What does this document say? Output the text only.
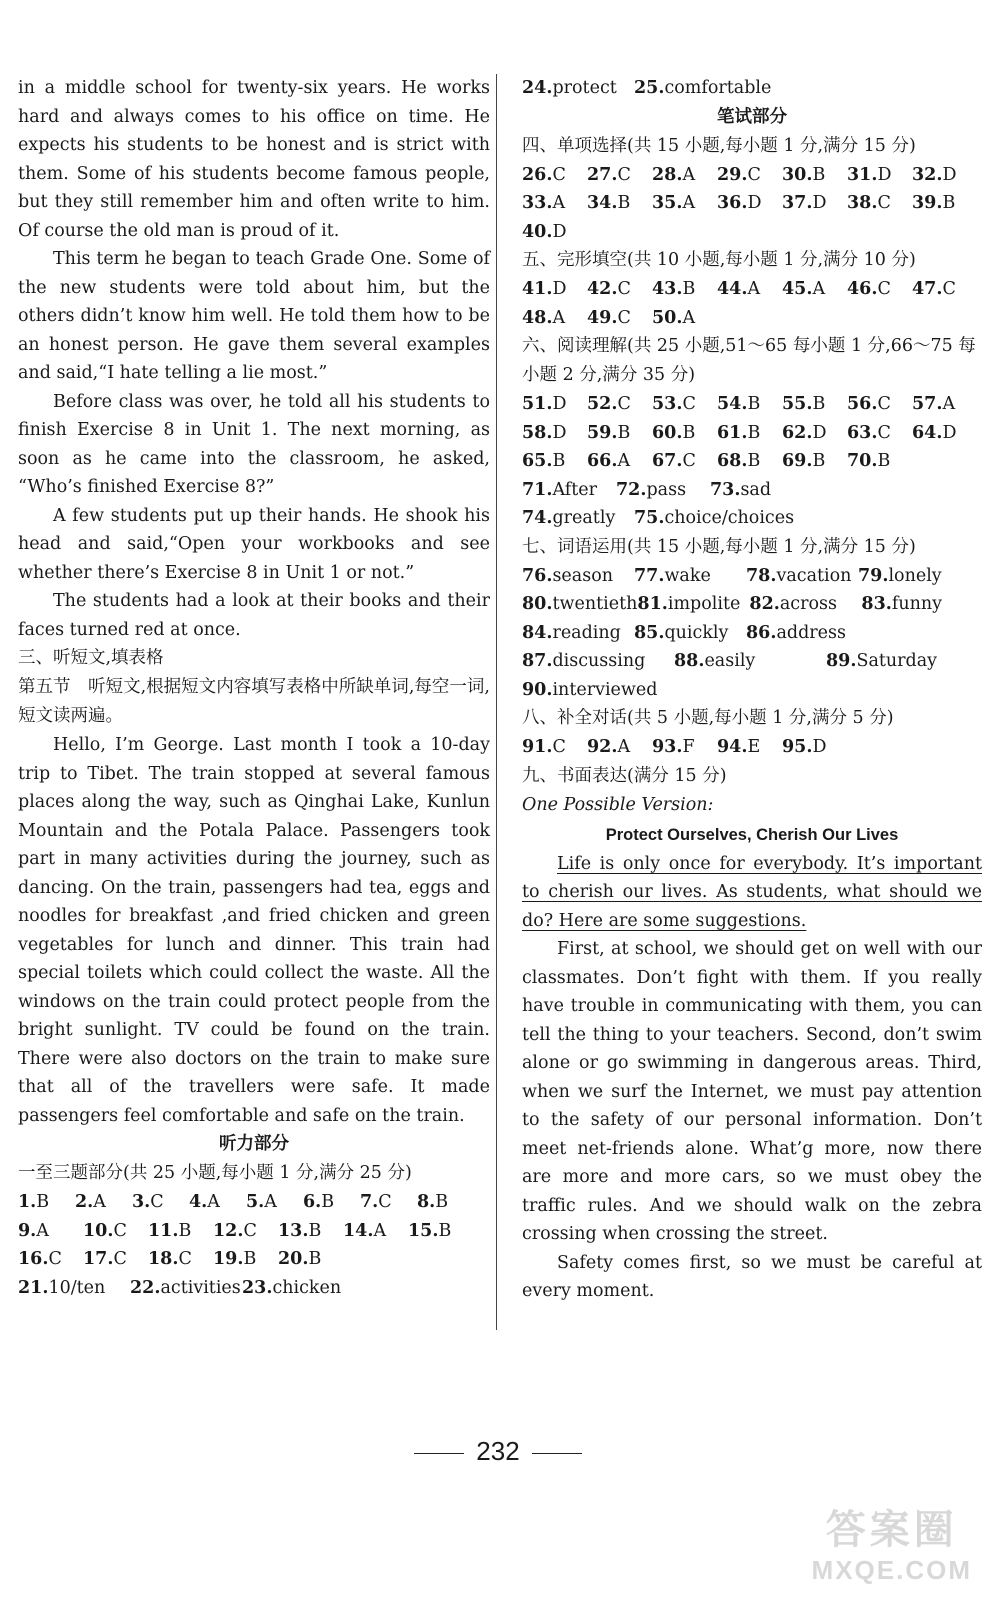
in a middle school for twenty-six years. He works hard and always comes to his office on time. He expects his students to be honest and is strict with them. Some of his students become famous people, but they still remember him and often write to him. Of course the old man is proud of it.

This term he began to teach Grade One. Some of the new students were told about him, but the others didn’t know him well. He told them how to be an honest person. He gave them several examples and said,“I hate telling a lie most.”

Before class was over, he told all his students to finish Exercise 8 in Unit 1. The next morning, as soon as he came into the classroom, he asked, “Who’s finished Exercise 8?”

A few students put up their hands. He shook his head and said,“Open your workbooks and see whether there’s Exercise 8 in Unit 1 or not.”

The students had a look at their books and their faces turned red at once.

三、听短文,填表格
第五节　听短文,根据短文内容填写表格中所缺单词,每空一词,短文读两遍。

Hello, I’m George. Last month I took a 10-day trip to Tibet. The train stopped at several famous places along the way, such as Qinghai Lake, Kunlun Mountain and the Potala Palace. Passengers took part in many activities during the journey, such as dancing. On the train, passengers had tea, eggs and noodles for breakfast ,and fried chicken and green vegetables for lunch and dinner. This train had special toilets which could collect the waste. All the windows on the train could protect people from the bright sunlight. TV could be found on the train. There were also doctors on the train to make sure that all of the travellers were safe. It made passengers feel comfortable and safe on the train.

听力部分
一至三题部分(共 25 小题,每小题 1 分,满分 25 分)
1.B	2.A	3.C	4.A	5.A	6.B	7.C	8.B
9.A	10.C	11.B	12.C	13.B	14.A	15.B
16.C	17.C	18.C	19.B	20.B
21.10/ten	22.activities 23.chicken
24.protect 25.comfortable
笔试部分
四、单项选择(共 15 小题,每小题 1 分,满分 15 分)
26.C	27.C	28.A	29.C	30.B	31.D	32.D
33.A	34.B	35.A	36.D	37.D	38.C	39.B
40.D
五、完形填空(共 10 小题,每小题 1 分,满分 10 分)
41.D	42.C	43.B	44.A	45.A	46.C	47.C
48.A	49.C	50.A
六、阅读理解(共 25 小题,51～65 每小题 1 分,66～75 每小题 2 分,满分 35 分)
51.D	52.C	53.C	54.B	55.B	56.C	57.A
58.D	59.B	60.B	61.B	62.D	63.C	64.D
65.B	66.A	67.C	68.B	69.B	70.B
71.After	72.pass	73.sad
74.greatly	75.choice/choices
七、词语运用(共 15 小题,每小题 1 分,满分 15 分)
76.season	77.wake	78.vacation 79.lonely
80.twentieth 81.impolite 82.across	83.funny
84.reading 85.quickly	86.address
87.discussing	88.easily	89.Saturday
90.interviewed
八、补全对话(共 5 小题,每小题 1 分,满分 5 分)
91.C	92.A	93.F	94.E	95.D
九、书面表达(满分 15 分)
One Possible Version:
Protect Ourselves, Cherish Our Lives

Life is only once for everybody. It’s important to cherish our lives. As students, what should we do? Here are some suggestions.

First, at school, we should get on well with our classmates. Don’t fight with them. If you really have trouble in communicating with them, you can tell the thing to your teachers. Second, don’t swim alone or go swimming in dangerous areas. Third, when we surf the Internet, we must pay attention to the safety of our personal information. Don’t meet net-friends alone. What’g more, now there are more and more cars, so we must obey the traffic rules. And we should walk on the zebra crossing when crossing the street.

Safety comes first, so we must be careful at every moment.

232
答案圈
MXQE.COM
